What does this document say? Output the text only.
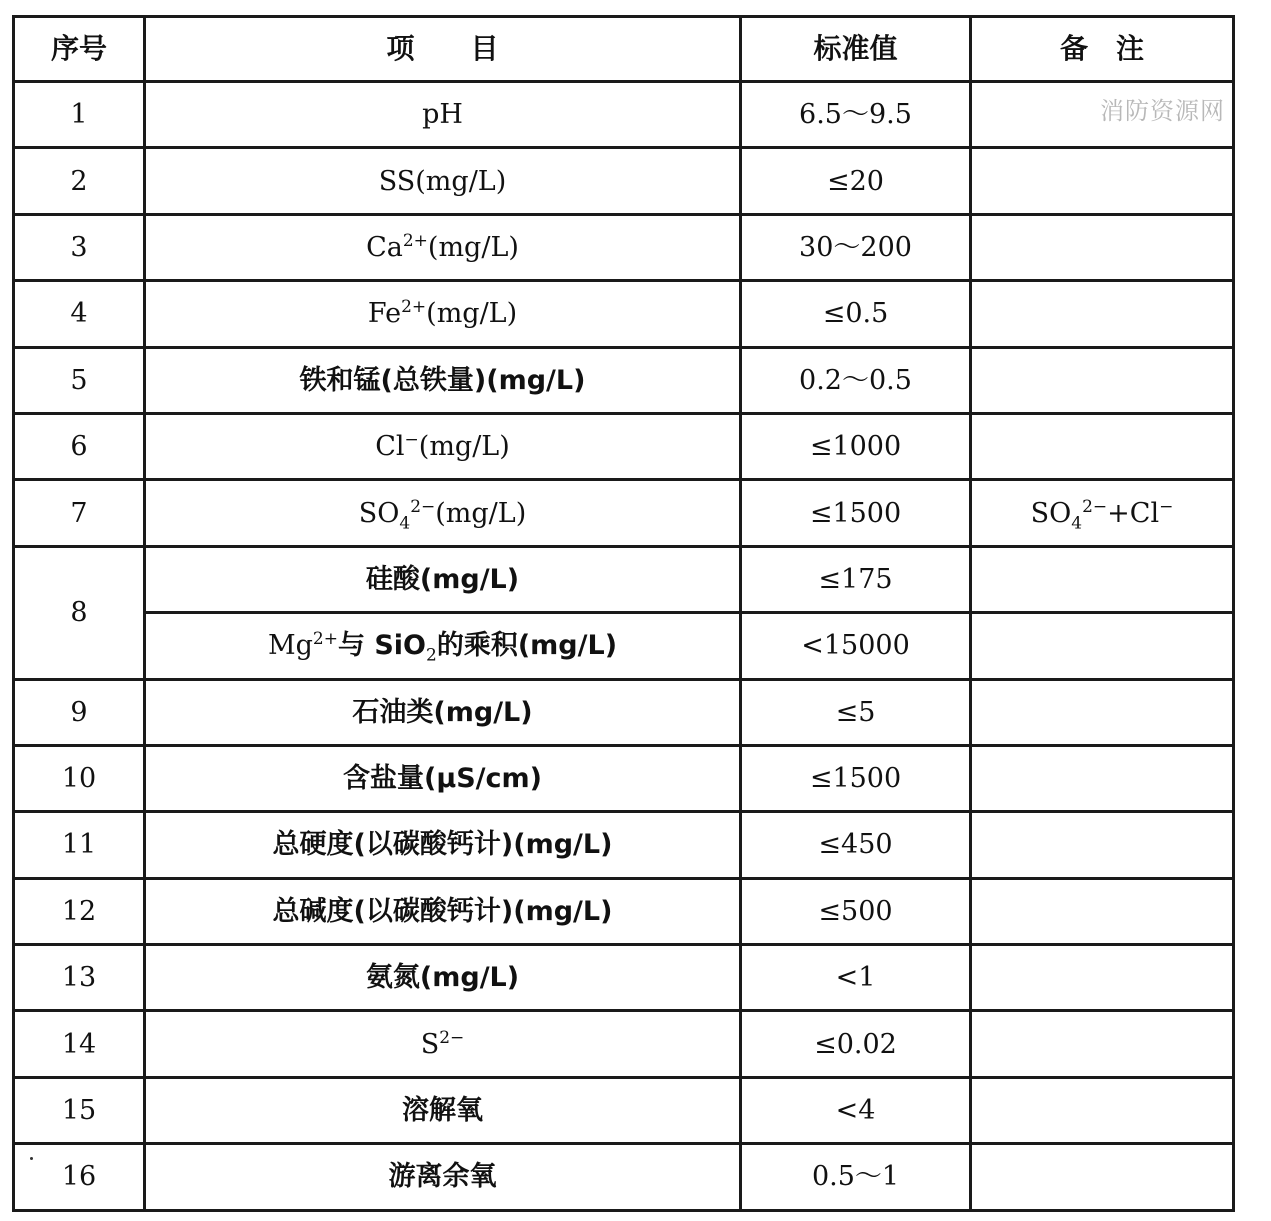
消防资源网
序号	项　　目	标准值	备　注
1	pH	6.5～9.5	
2	SS(mg/L)	≤20	
3	$Ca^{2+}(mg/L)$	30～200	
4	$Fe^{2+}(mg/L)$	≤0.5	
5	铁和锰(总铁量)(mg/L)	0.2～0.5	
6	Cl−(mg/L)	≤1000	
7	$SO_4^{2-}(mg/L)$	≤1500	$SO_4^{2-}+Cl^-$
8	硅酸(mg/L)	≤175	
	$Mg^{2+}$与 SiO$_2$的乘积(mg/L)	<15000	
9	石油类(mg/L)	≤5	
10	含盐量(μS/cm)	≤1500	
11	总硬度(以碳酸钙计)(mg/L)	≤450	
12	总碱度(以碳酸钙计)(mg/L)	≤500	
13	氨氮(mg/L)	<1	
14	$S^{2-}$	≤0.02	
15	溶解氧	<4	
16	游离余氧	0.5～1	
